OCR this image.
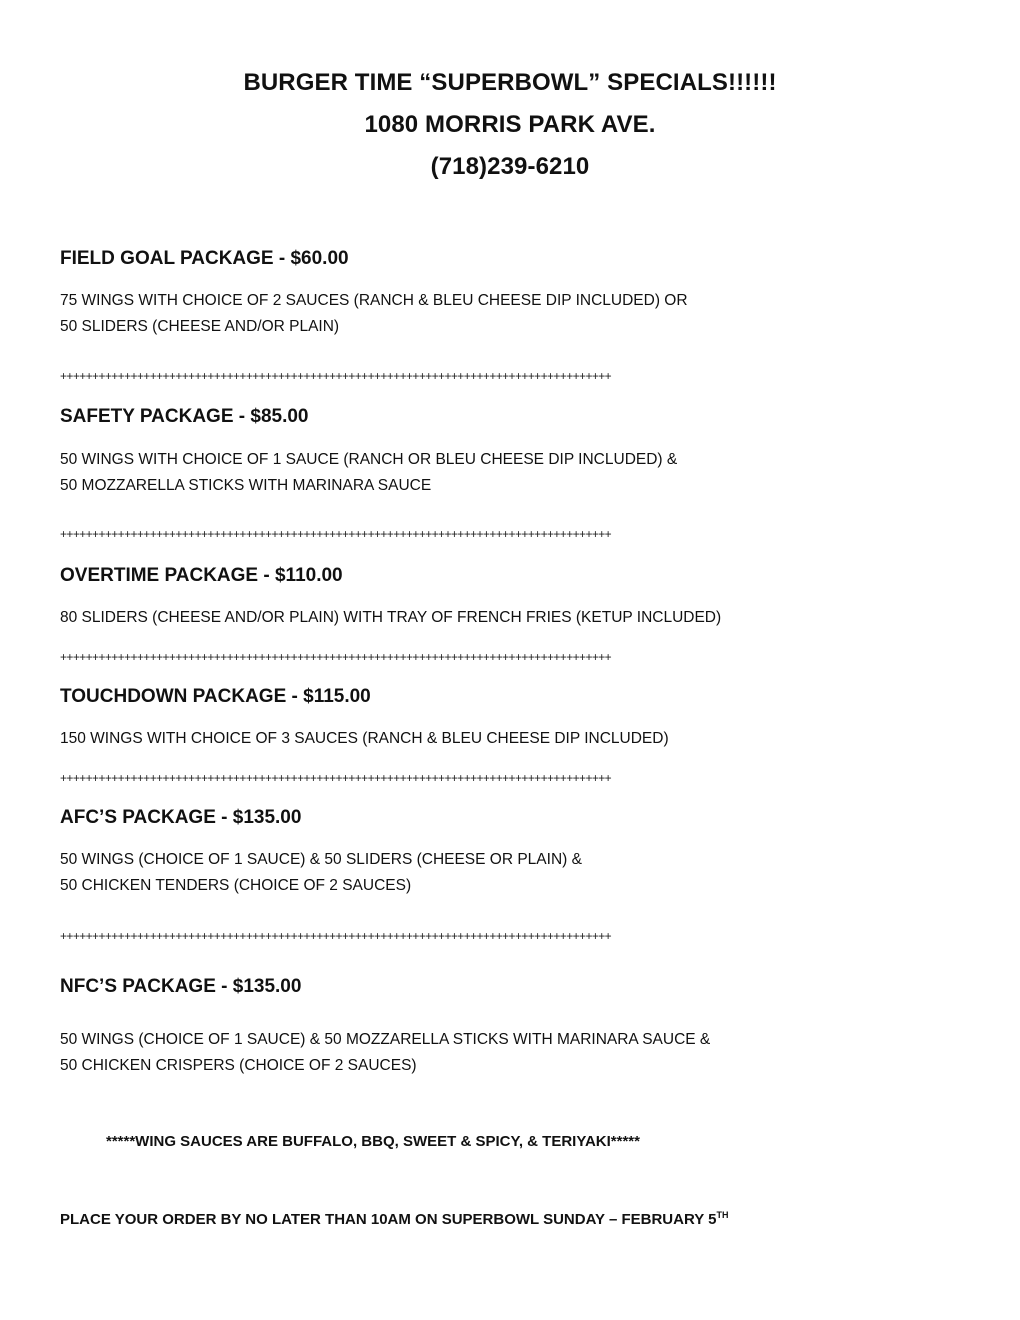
BURGER TIME “SUPERBOWL” SPECIALS!!!!!!
1080 MORRIS PARK AVE.
(718)239-6210
FIELD GOAL PACKAGE - $60.00
75 WINGS WITH CHOICE OF 2 SAUCES (RANCH & BLEU CHEESE DIP INCLUDED) OR
50 SLIDERS (CHEESE AND/OR PLAIN)
++++++++++++++++++++++++++++++++++++++++++++++++++++++++++++++++++++++++++++++++++++++
SAFETY PACKAGE - $85.00
50 WINGS WITH CHOICE OF 1 SAUCE (RANCH OR BLEU CHEESE DIP INCLUDED) &
50 MOZZARELLA STICKS WITH MARINARA SAUCE
++++++++++++++++++++++++++++++++++++++++++++++++++++++++++++++++++++++++++++++++++++++
OVERTIME PACKAGE - $110.00
80 SLIDERS (CHEESE AND/OR PLAIN) WITH TRAY OF FRENCH FRIES (KETUP INCLUDED)
++++++++++++++++++++++++++++++++++++++++++++++++++++++++++++++++++++++++++++++++++++++
TOUCHDOWN PACKAGE - $115.00
150 WINGS WITH CHOICE OF 3 SAUCES (RANCH & BLEU CHEESE DIP INCLUDED)
++++++++++++++++++++++++++++++++++++++++++++++++++++++++++++++++++++++++++++++++++++++
AFC’S PACKAGE - $135.00
50 WINGS (CHOICE OF 1 SAUCE) & 50 SLIDERS (CHEESE OR PLAIN) &
50 CHICKEN TENDERS (CHOICE OF 2 SAUCES)
++++++++++++++++++++++++++++++++++++++++++++++++++++++++++++++++++++++++++++++++++++++
NFC’S PACKAGE - $135.00
50 WINGS (CHOICE OF 1 SAUCE) & 50 MOZZARELLA STICKS WITH MARINARA SAUCE &
50 CHICKEN CRISPERS (CHOICE OF 2 SAUCES)
*****WING SAUCES ARE BUFFALO, BBQ, SWEET & SPICY, & TERIYAKI*****
PLACE YOUR ORDER BY NO LATER THAN 10AM ON SUPERBOWL SUNDAY – FEBRUARY 5TH
